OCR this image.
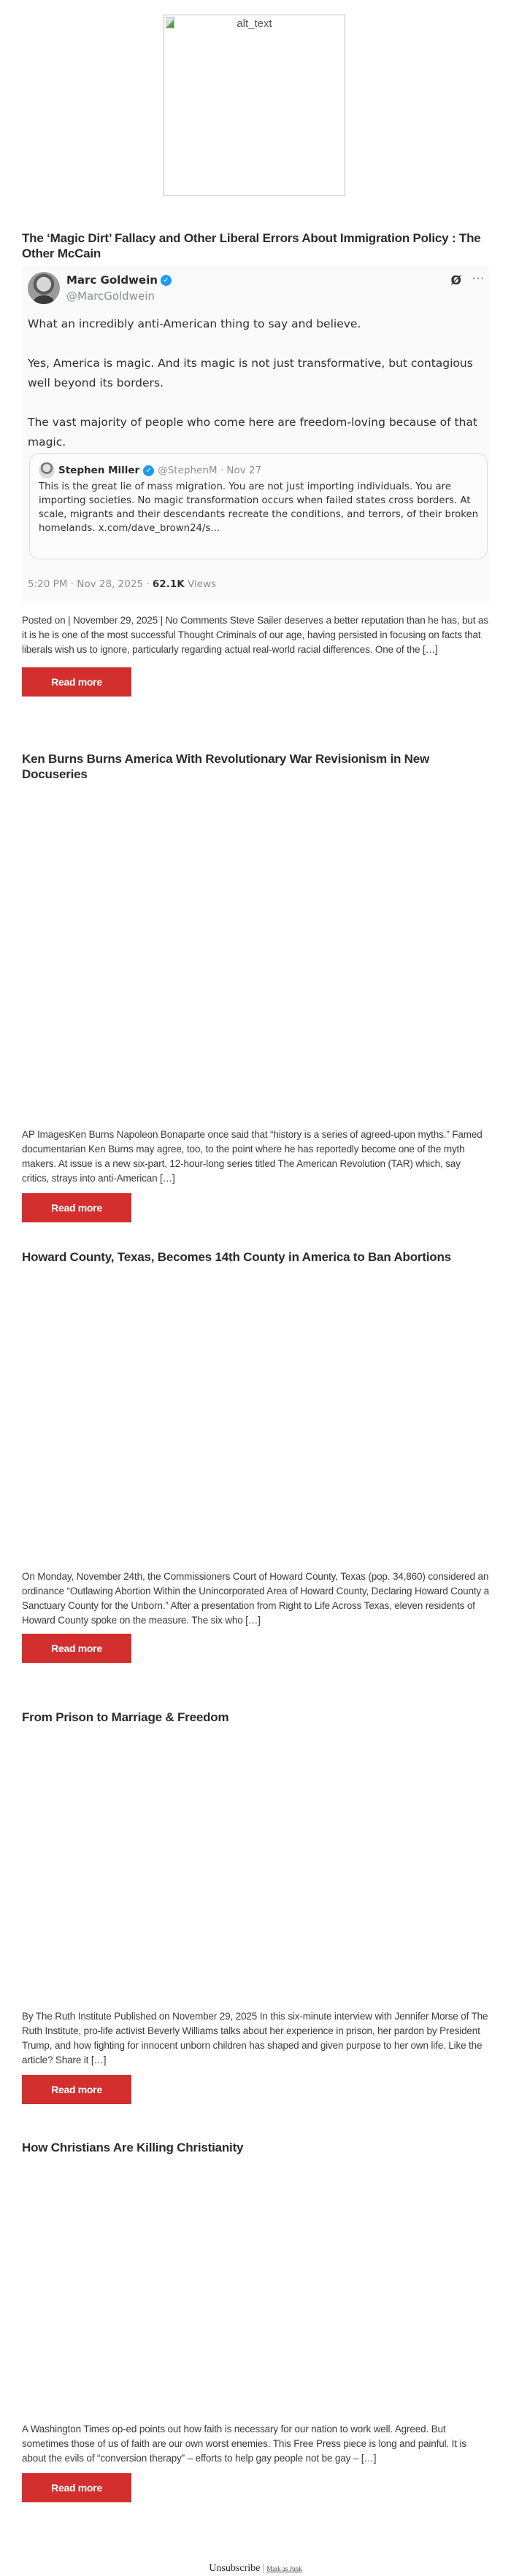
alt_text
The ‘Magic Dirt’ Fallacy and Other Liberal Errors About Immigration Policy : The Other McCain
Marc Goldwein ✓
@MarcGoldwein
Ø ···

What an incredibly anti-American thing to say and believe.

Yes, America is magic. And its magic is not just transformative, but contagious well beyond its borders.

The vast majority of people who come here are freedom-loving because of that magic.

Stephen Miller ✓ @StephenM · Nov 27
This is the great lie of mass migration. You are not just importing individuals. You are importing societies. No magic transformation occurs when failed states cross borders. At scale, migrants and their descendants recreate the conditions, and terrors, of their broken homelands. x.com/dave_brown24/s...
5:20 PM · Nov 28, 2025 · 62.1K Views
Posted on | November 29, 2025 | No Comments Steve Sailer deserves a better reputation than he has, but as it is he is one of the most successful Thought Criminals of our age, having persisted in focusing on facts that liberals wish us to ignore, particularly regarding actual real-world racial differences. One of the […]
Read more
Ken Burns Burns America With Revolutionary War Revisionism in New Docuseries
AP ImagesKen Burns Napoleon Bonaparte once said that “history is a series of agreed-upon myths.” Famed documentarian Ken Burns may agree, too, to the point where he has reportedly become one of the myth makers. At issue is a new six-part, 12-hour-long series titled The American Revolution (TAR) which, say critics, strays into anti-American […]
Read more
Howard County, Texas, Becomes 14th County in America to Ban Abortions
On Monday, November 24th, the Commissioners Court of Howard County, Texas (pop. 34,860) considered an ordinance “Outlawing Abortion Within the Unincorporated Area of Howard County, Declaring Howard County a Sanctuary County for the Unborn.” After a presentation from Right to Life Across Texas, eleven residents of Howard County spoke on the measure. The six who […]
Read more
From Prison to Marriage & Freedom
By The Ruth Institute Published on November 29, 2025 In this six-minute interview with Jennifer Morse of The Ruth Institute, pro-life activist Beverly Williams talks about her experience in prison, her pardon by President Trump, and how fighting for innocent unborn children has shaped and given purpose to her own life. Like the article? Share it […]
Read more
How Christians Are Killing Christianity
A Washington Times op-ed points out how faith is necessary for our nation to work well. Agreed. But sometimes those of us of faith are our own worst enemies. This Free Press piece is long and painful. It is about the evils of “conversion therapy” – efforts to help gay people not be gay – […]
Read more
Unsubscribe | Mark as Junk
